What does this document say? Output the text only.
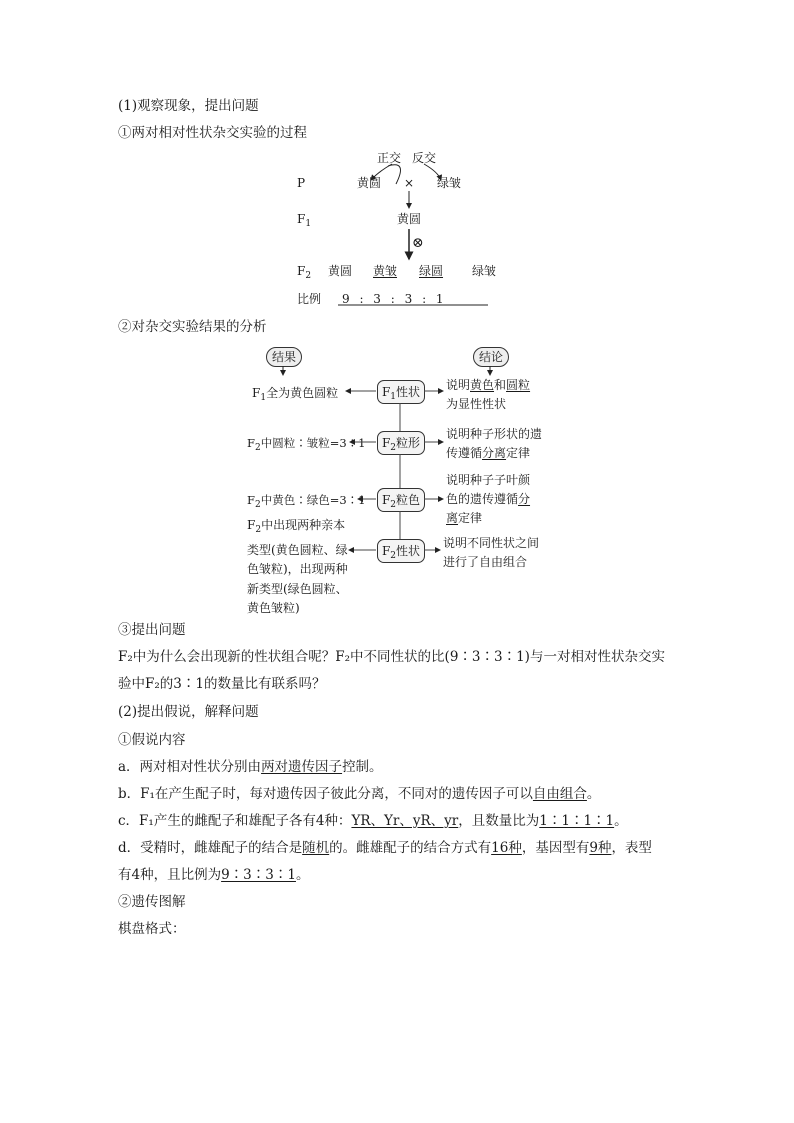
(1)观察现象，提出问题
①两对相对性状杂交实验的过程
正交 反交
P	黄圆 × 绿皱
$F_1$	黄圆
⊗
$F_2$ 黄圆 黄皱 绿圆 绿皱
比例 9 : 3 : 3 : 1
②对杂交实验结果的分析
结果	结论
$F_1$性状
$F_2$粒形
$F_2$粒色
$F_2$性状
$F_1$全为黄色圆粒
$F_2$中圆粒∶皱粒=3∶1
$F_2$中黄色∶绿色=3∶1
$F_2$中出现两种亲本
类型(黄色圆粒、绿
色皱粒)，出现两种
新类型(绿色圆粒、
黄色皱粒)
说明黄色和圆粒
为显性性状
说明种子形状的遗
传遵循分离定律
说明种子子叶颜
色的遗传遵循分
离定律
说明不同性状之间
进行了自由组合
③提出问题
F₂中为什么会出现新的性状组合呢？F₂中不同性状的比(9∶3∶3∶1)与一对相对性状杂交实
验中F₂的3∶1的数量比有联系吗？
(2)提出假说，解释问题
①假说内容
a．两对相对性状分别由两对遗传因子控制。
b．F₁在产生配子时，每对遗传因子彼此分离，不同对的遗传因子可以自由组合。
c．F₁产生的雌配子和雄配子各有4种：YR、Yr、yR、yr，且数量比为1∶1∶1∶1。
d．受精时，雌雄配子的结合是随机的。雌雄配子的结合方式有16种，基因型有9种，表型
有4种，且比例为9∶3∶3∶1。
②遗传图解
棋盘格式：
